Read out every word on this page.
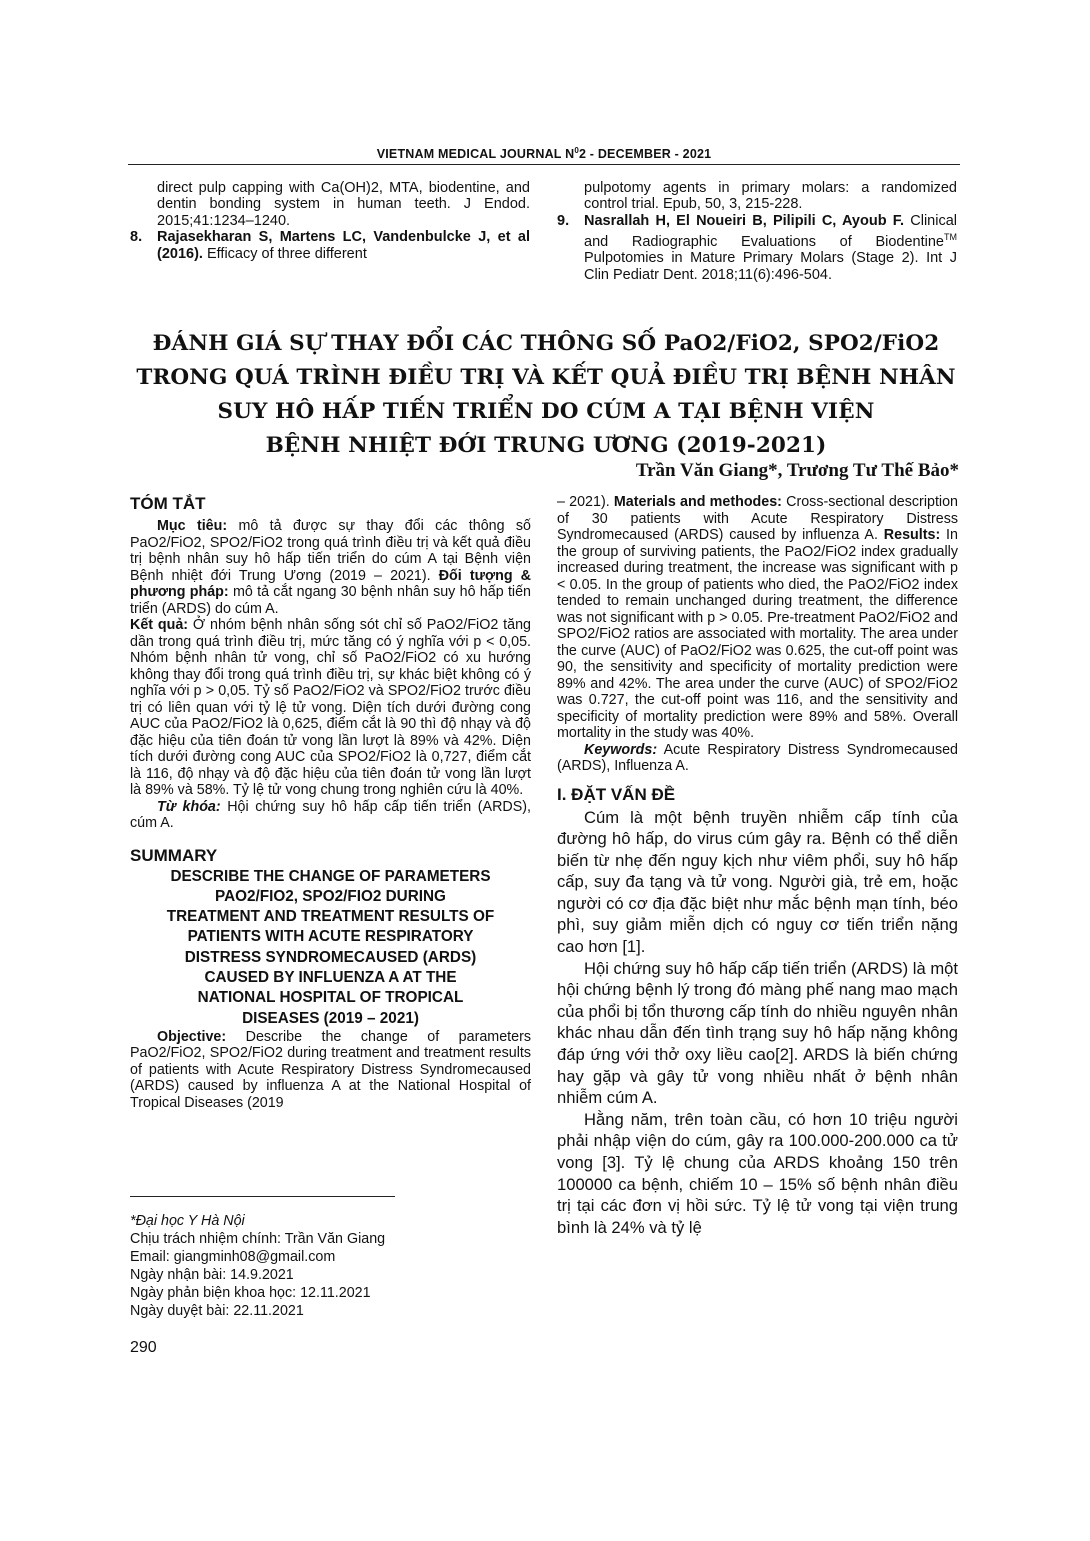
VIETNAM MEDICAL JOURNAL $N^02$ - DECEMBER - 2021

direct pulp capping with Ca(OH)2, MTA, biodentine, and dentin bonding system in human teeth. J Endod. 2015;41:1234–1240.

8.	Rajasekharan S, Martens LC, Vandenbulcke J, et al (2016). Efficacy of three different

pulpotomy agents in primary molars: a randomized control trial. Epub, 50, 3, 215-228.

9.	Nasrallah H, El Noueiri B, Pilipili C, Ayoub F. Clinical and Radiographic Evaluations of Biodentine™ Pulpotomies in Mature Primary Molars (Stage 2). Int J Clin Pediatr Dent. 2018;11(6):496-504.
ĐÁNH GIÁ SỰ THAY ĐỔI CÁC THÔNG SỐ PaO2/FiO2, SPO2/FiO2
TRONG QUÁ TRÌNH ĐIỀU TRỊ VÀ KẾT QUẢ ĐIỀU TRỊ BỆNH NHÂN
SUY HÔ HẤP TIẾN TRIỂN DO CÚM A TẠI BỆNH VIỆN
BỆNH NHIỆT ĐỚI TRUNG ƯƠNG (2019-2021)
Trần Văn Giang*, Trương Tư Thế Bảo*

TÓM TẮT

Mục tiêu: mô tả được sự thay đổi các thông số PaO2/FiO2, SPO2/FiO2 trong quá trình điều trị và kết quả điều trị bệnh nhân suy hô hấp tiến triển do cúm A tại Bệnh viện Bệnh nhiệt đới Trung Ương (2019 – 2021). Đối tượng & phương pháp: mô tả cắt ngang 30 bệnh nhân suy hô hấp tiến triển (ARDS) do cúm A.

Kết quả: Ở nhóm bệnh nhân sống sót chỉ số PaO2/FiO2 tăng dần trong quá trình điều trị, mức tăng có ý nghĩa với p < 0,05. Nhóm bệnh nhân tử vong, chỉ số PaO2/FiO2 có xu hướng không thay đổi trong quá trình điều trị, sự khác biệt không có ý nghĩa với p > 0,05. Tỷ số PaO2/FiO2 và SPO2/FiO2 trước điều trị có liên quan với tỷ lệ tử vong. Diện tích dưới đường cong AUC của PaO2/FiO2 là 0,625, điểm cắt là 90 thì độ nhạy và độ đặc hiệu của tiên đoán tử vong lần lượt là 89% và 42%. Diện tích dưới đường cong AUC của SPO2/FiO2 là 0,727, điểm cắt là 116, độ nhạy và độ đặc hiệu của tiên đoán tử vong lần lượt là 89% và 58%. Tỷ lệ tử vong chung trong nghiên cứu là 40%.

Từ khóa: Hội chứng suy hô hấp cấp tiến triển (ARDS), cúm A.

SUMMARY

DESCRIBE THE CHANGE OF PARAMETERS
PAO2/FIO2, SPO2/FIO2 DURING
TREATMENT AND TREATMENT RESULTS OF
PATIENTS WITH ACUTE RESPIRATORY
DISTRESS SYNDROMECAUSED (ARDS)
CAUSED BY INFLUENZA A AT THE
NATIONAL HOSPITAL OF TROPICAL
DISEASES (2019 – 2021)

Objective: Describe the change of parameters PaO2/FiO2, SPO2/FiO2 during treatment and treatment results of patients with Acute Respiratory Distress Syndromecaused (ARDS) caused by influenza A at the National Hospital of Tropical Diseases (2019

– 2021). Materials and methodes: Cross-sectional description of 30 patients with Acute Respiratory Distress Syndromecaused (ARDS) caused by influenza A. Results: In the group of surviving patients, the PaO2/FiO2 index gradually increased during treatment, the increase was significant with p < 0.05. In the group of patients who died, the PaO2/FiO2 index tended to remain unchanged during treatment, the difference was not significant with p > 0.05. Pre-treatment PaO2/FiO2 and SPO2/FiO2 ratios are associated with mortality. The area under the curve (AUC) of PaO2/FiO2 was 0.625, the cut-off point was 90, the sensitivity and specificity of mortality prediction were 89% and 42%. The area under the curve (AUC) of SPO2/FiO2 was 0.727, the cut-off point was 116, and the sensitivity and specificity of mortality prediction were 89% and 58%. Overall mortality in the study was 40%.

Keywords: Acute Respiratory Distress Syndromecaused (ARDS), Influenza A.

I. ĐẶT VẤN ĐỀ

Cúm là một bệnh truyền nhiễm cấp tính của đường hô hấp, do virus cúm gây ra. Bệnh có thể diễn biến từ nhẹ đến nguy kịch như viêm phổi, suy hô hấp cấp, suy đa tạng và tử vong. Người già, trẻ em, hoặc người có cơ địa đặc biệt như mắc bệnh mạn tính, béo phì, suy giảm miễn dịch có nguy cơ tiến triển nặng cao hơn [1].

Hội chứng suy hô hấp cấp tiến triển (ARDS) là một hội chứng bệnh lý trong đó màng phế nang mao mạch của phổi bị tổn thương cấp tính do nhiều nguyên nhân khác nhau dẫn đến tình trạng suy hô hấp nặng không đáp ứng với thở oxy liều cao[2]. ARDS là biến chứng hay gặp và gây tử vong nhiều nhất ở bệnh nhân nhiễm cúm A.

Hằng năm, trên toàn cầu, có hơn 10 triệu người phải nhập viện do cúm, gây ra 100.000-200.000 ca tử vong [3]. Tỷ lệ chung của ARDS khoảng 150 trên 100000 ca bệnh, chiếm 10 – 15% số bệnh nhân điều trị tại các đơn vị hồi sức. Tỷ lệ tử vong tại viện trung bình là 24% và tỷ lệ

*Đại học Y Hà Nội

Chịu trách nhiệm chính: Trần Văn Giang

Email: giangminh08@gmail.com

Ngày nhận bài: 14.9.2021

Ngày phản biện khoa học: 12.11.2021

Ngày duyệt bài: 22.11.2021

290
